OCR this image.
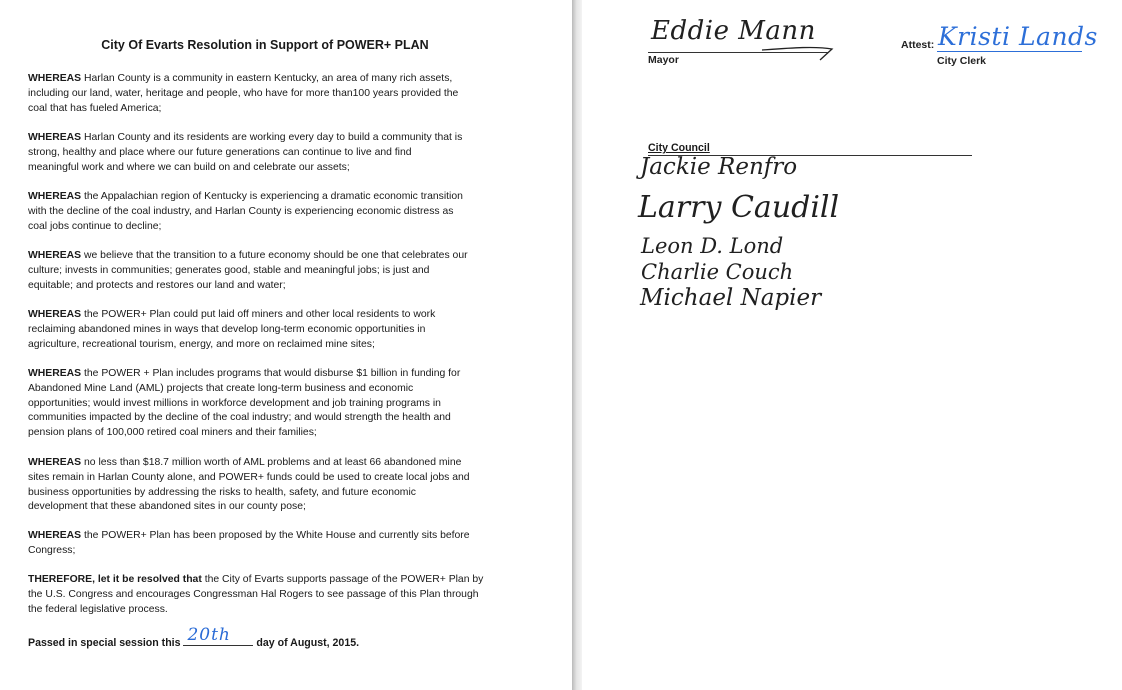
City Of Evarts Resolution in Support of POWER+ PLAN

WHEREAS Harlan County is a community in eastern Kentucky, an area of many rich assets,
including our land, water, heritage and people, who have for more than100 years provided the
coal that has fueled America;

WHEREAS Harlan County and its residents are working every day to build a community that is
strong, healthy and place where our future generations can continue to live and find
meaningful work and where we can build on and celebrate our assets;

WHEREAS the Appalachian region of Kentucky is experiencing a dramatic economic transition
with the decline of the coal industry, and Harlan County is experiencing economic distress as
coal jobs continue to decline;

WHEREAS we believe that the transition to a future economy should be one that celebrates our
culture; invests in communities; generates good, stable and meaningful jobs; is just and
equitable; and protects and restores our land and water;

WHEREAS the POWER+ Plan could put laid off miners and other local residents to work
reclaiming abandoned mines in ways that develop long-term economic opportunities in
agriculture, recreational tourism, energy, and more on reclaimed mine sites;

WHEREAS the POWER + Plan includes programs that would disburse $1 billion in funding for
Abandoned Mine Land (AML) projects that create long-term business and economic
opportunities; would invest millions in workforce development and job training programs in
communities impacted by the decline of the coal industry; and would strength the health and
pension plans of 100,000 retired coal miners and their families;

WHEREAS no less than $18.7 million worth of AML problems and at least 66 abandoned mine
sites remain in Harlan County alone, and POWER+ funds could be used to create local jobs and
business opportunities by addressing the risks to health, safety, and future economic
development that these abandoned sites in our county pose;

WHEREAS the POWER+ Plan has been proposed by the White House and currently sits before
Congress;

THEREFORE, let it be resolved that the City of Evarts supports passage of the POWER+ Plan by
the U.S. Congress and encourages Congressman Hal Rogers to see passage of this Plan through
the federal legislative process.

Passed in special session this 20th day of August, 2015.
Eddie Mann

Mayor

Attest: Kristi Lands

City Clerk

City Council

Jackie Renfro
Larry Caudill
Leon D. Lond
Charlie Couch
Michael Napier
